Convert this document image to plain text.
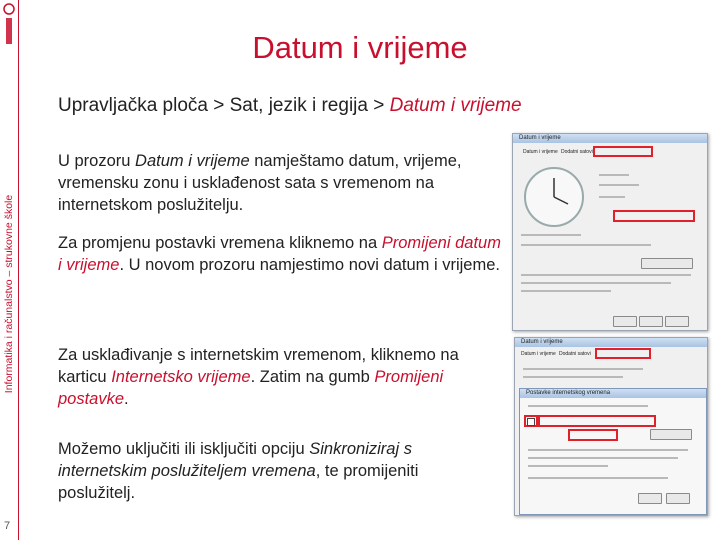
Informatika i računalstvo – strukovne škole
7
Datum i vrijeme
Upravljačka ploča > Sat, jezik i regija > Datum i vrijeme
U prozoru Datum i vrijeme namještamo datum, vrijeme, vremensku zonu i usklađenost sata s vremenom na internetskom poslužitelju.
Za promjenu postavki vremena kliknemo na Promijeni datum i vrijeme. U novom prozoru namjestimo novi datum i vrijeme.
Za usklađivanje s internetskim vremenom, kliknemo na karticu Internetsko vrijeme. Zatim na gumb Promijeni postavke.
Možemo uključiti ili isključiti opciju Sinkroniziraj s internetskim poslužiteljem vremena, te promijeniti poslužitelj.
Datum i vrijeme
Datum i vrijeme Dodatni satovi
Datum i vrijeme
Datum i vrijeme Dodatni satovi
Postavke internetskog vremena
